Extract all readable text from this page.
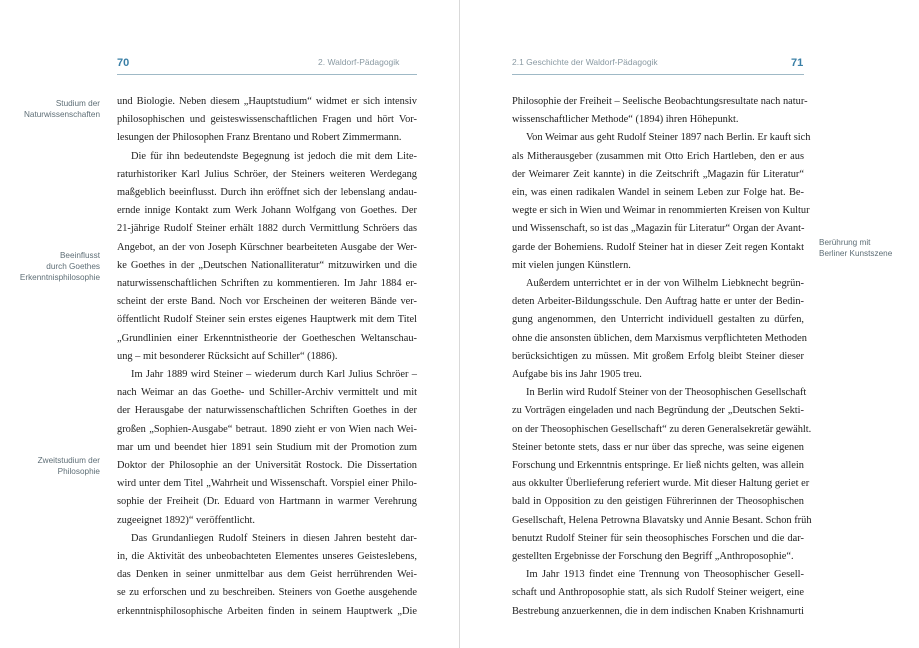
70	2. Waldorf-Pädagogik
Studium der
Naturwissenschaften
Beeinflusst
durch Goethes
Erkenntnisphilosophie
Zweitstudium der
Philosophie
und Biologie. Neben diesem „Hauptstudium“ widmet er sich intensiv
philosophischen und geisteswissenschaftlichen Fragen und hört Vor-
lesungen der Philosophen Franz Brentano und Robert Zimmermann.
Die für ihn bedeutendste Begegnung ist jedoch die mit dem Lite-
raturhistoriker Karl Julius Schröer, der Steiners weiteren Werdegang
maßgeblich beeinflusst. Durch ihn eröffnet sich der lebenslang andau-
ernde innige Kontakt zum Werk Johann Wolfgang von Goethes. Der
21-jährige Rudolf Steiner erhält 1882 durch Vermittlung Schröers das
Angebot, an der von Joseph Kürschner bearbeiteten Ausgabe der Wer-
ke Goethes in der „Deutschen Nationalliteratur“ mitzuwirken und die
naturwissenschaftlichen Schriften zu kommentieren. Im Jahr 1884 er-
scheint der erste Band. Noch vor Erscheinen der weiteren Bände ver-
öffentlicht Rudolf Steiner sein erstes eigenes Hauptwerk mit dem Titel
„Grundlinien einer Erkenntnistheorie der Goetheschen Weltanschau-
ung – mit besonderer Rücksicht auf Schiller“ (1886).
Im Jahr 1889 wird Steiner – wiederum durch Karl Julius Schröer –
nach Weimar an das Goethe- und Schiller-Archiv vermittelt und mit
der Herausgabe der naturwissenschaftlichen Schriften Goethes in der
großen „Sophien-Ausgabe“ betraut. 1890 zieht er von Wien nach Wei-
mar um und beendet hier 1891 sein Studium mit der Promotion zum
Doktor der Philosophie an der Universität Rostock. Die Dissertation
wird unter dem Titel „Wahrheit und Wissenschaft. Vorspiel einer Philo-
sophie der Freiheit (Dr. Eduard von Hartmann in warmer Verehrung
zugeeignet 1892)“ veröffentlicht.
Das Grundanliegen Rudolf Steiners in diesen Jahren besteht dar-
in, die Aktivität des unbeobachteten Elementes unseres Geisteslebens,
das Denken in seiner unmittelbar aus dem Geist herrührenden Wei-
se zu erforschen und zu beschreiben. Steiners von Goethe ausgehende
erkenntnisphilosophische Arbeiten finden in seinem Hauptwerk „Die
2.1 Geschichte der Waldorf-Pädagogik	71
Berührung mit
Berliner Kunstszene
Philosophie der Freiheit – Seelische Beobachtungsresultate nach natur-
wissenschaftlicher Methode“ (1894) ihren Höhepunkt.
Von Weimar aus geht Rudolf Steiner 1897 nach Berlin. Er kauft sich
als Mitherausgeber (zusammen mit Otto Erich Hartleben, den er aus
der Weimarer Zeit kannte) in die Zeitschrift „Magazin für Literatur“
ein, was einen radikalen Wandel in seinem Leben zur Folge hat. Be-
wegte er sich in Wien und Weimar in renommierten Kreisen von Kultur
und Wissenschaft, so ist das „Magazin für Literatur“ Organ der Avant-
garde der Bohemiens. Rudolf Steiner hat in dieser Zeit regen Kontakt
mit vielen jungen Künstlern.
Außerdem unterrichtet er in der von Wilhelm Liebknecht begrün-
deten Arbeiter-Bildungsschule. Den Auftrag hatte er unter der Bedin-
gung angenommen, den Unterricht individuell gestalten zu dürfen,
ohne die ansonsten üblichen, dem Marxismus verpflichteten Methoden
berücksichtigen zu müssen. Mit großem Erfolg bleibt Steiner dieser
Aufgabe bis ins Jahr 1905 treu.
In Berlin wird Rudolf Steiner von der Theosophischen Gesellschaft
zu Vorträgen eingeladen und nach Begründung der „Deutschen Sekti-
on der Theosophischen Gesellschaft“ zu deren Generalsekretär gewählt.
Steiner betonte stets, dass er nur über das spreche, was seine eigenen
Forschung und Erkenntnis entspringe. Er ließ nichts gelten, was allein
aus okkulter Überlieferung referiert wurde. Mit dieser Haltung geriet er
bald in Opposition zu den geistigen Führerinnen der Theosophischen
Gesellschaft, Helena Petrowna Blavatsky und Annie Besant. Schon früh
benutzt Rudolf Steiner für sein theosophisches Forschen und die dar-
gestellten Ergebnisse der Forschung den Begriff „Anthroposophie“.
Im Jahr 1913 findet eine Trennung von Theosophischer Gesell-
schaft und Anthroposophie statt, als sich Rudolf Steiner weigert, eine
Bestrebung anzuerkennen, die in dem indischen Knaben Krishnamurti
